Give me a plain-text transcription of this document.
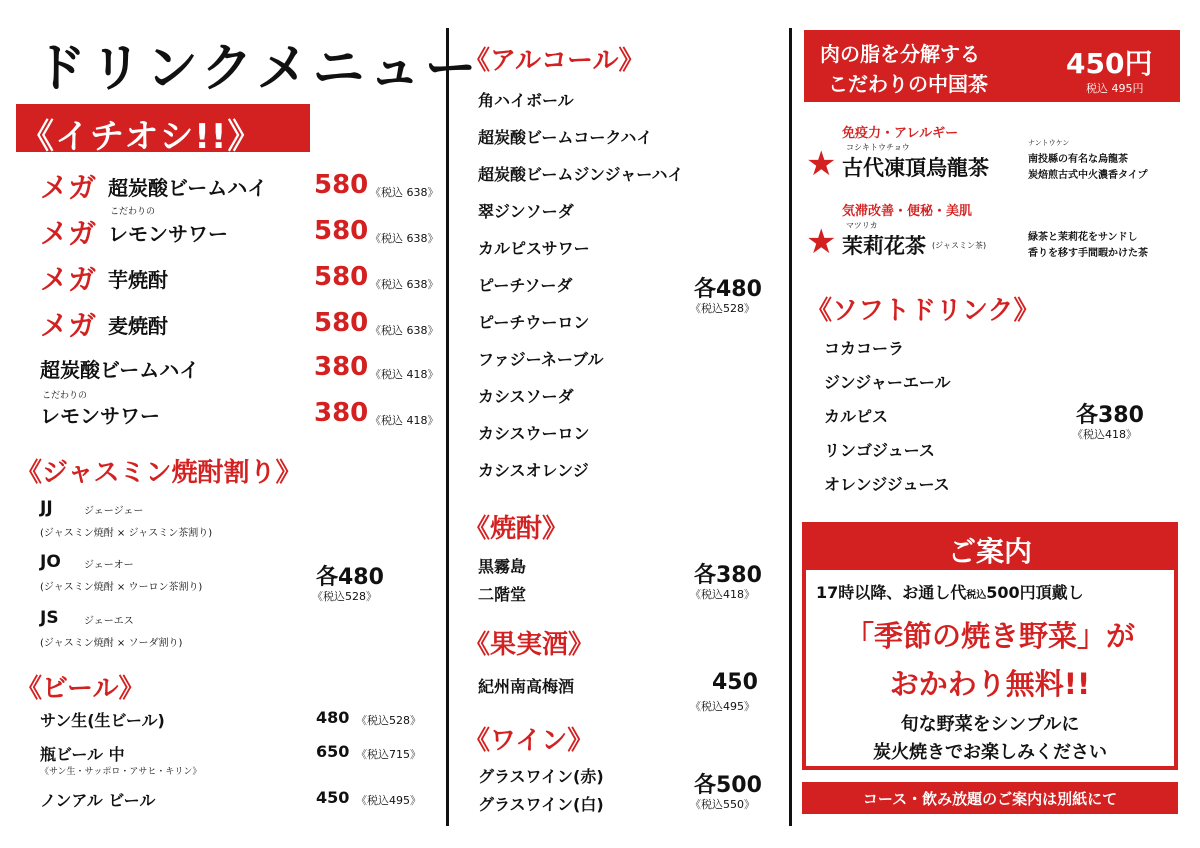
ドリンクメニュー
《イチオシ!!》
メガ 超炭酸ビームハイ 580 《税込 638》
こだわりの
メガ レモンサワー	580 《税込 638》
メガ 芋焼酎	580 《税込 638》
メガ 麦焼酎	580 《税込 638》
超炭酸ビームハイ	380 《税込 418》
こだわりの
レモンサワー	380 《税込 418》
《ジャスミン焼酎割り》
JJ	ジェージェー
(ジャスミン焼酎 × ジャスミン茶割り)
JO ジェーオー
(ジャスミン焼酎 × ウーロン茶割り)
JS	ジェーエス
(ジャスミン焼酎 × ソーダ割り)
各480
《税込528》
《ビール》
サン生(生ビール)	480 《税込528》
瓶ビール 中
《サン生・サッポロ・アサヒ・キリン》
650 《税込715》
ノンアル ビール	450 《税込495》
《アルコール》
角ハイボール
超炭酸ビームコークハイ
超炭酸ビームジンジャーハイ
翠ジンソーダ
カルピスサワー
ピーチソーダ
ピーチウーロン
ファジーネーブル
カシスソーダ
カシスウーロン
カシスオレンジ
各480
《税込528》
《焼酎》
黒霧島
二階堂
各380
《税込418》
《果実酒》
紀州南高梅酒	450
《税込495》
《ワイン》
グラスワイン(赤)
グラスワイン(白)
各500
《税込550》
肉の脂を分解する
こだわりの中国茶
450円
税込 495円
免疫力・アレルギー
コシキトウチョウ
★ 古代凍頂烏龍茶
ナントウケン
南投縣の有名な烏龍茶
炭焙煎古式中火濃香タイプ
気滞改善・便秘・美肌
マツリカ
★ 茉莉花茶 (ジャスミン茶)
緑茶と茉莉花をサンドし
香りを移す手間暇かけた茶
《ソフトドリンク》
コカコーラ
ジンジャーエール
カルピス
リンゴジュース
オレンジジュース
各380
《税込418》
ご案内
17時以降、お通し代税込500円頂戴し
「季節の焼き野菜」が
おかわり無料!!
旬な野菜をシンプルに
炭火焼きでお楽しみください
コース・飲み放題のご案内は別紙にて
